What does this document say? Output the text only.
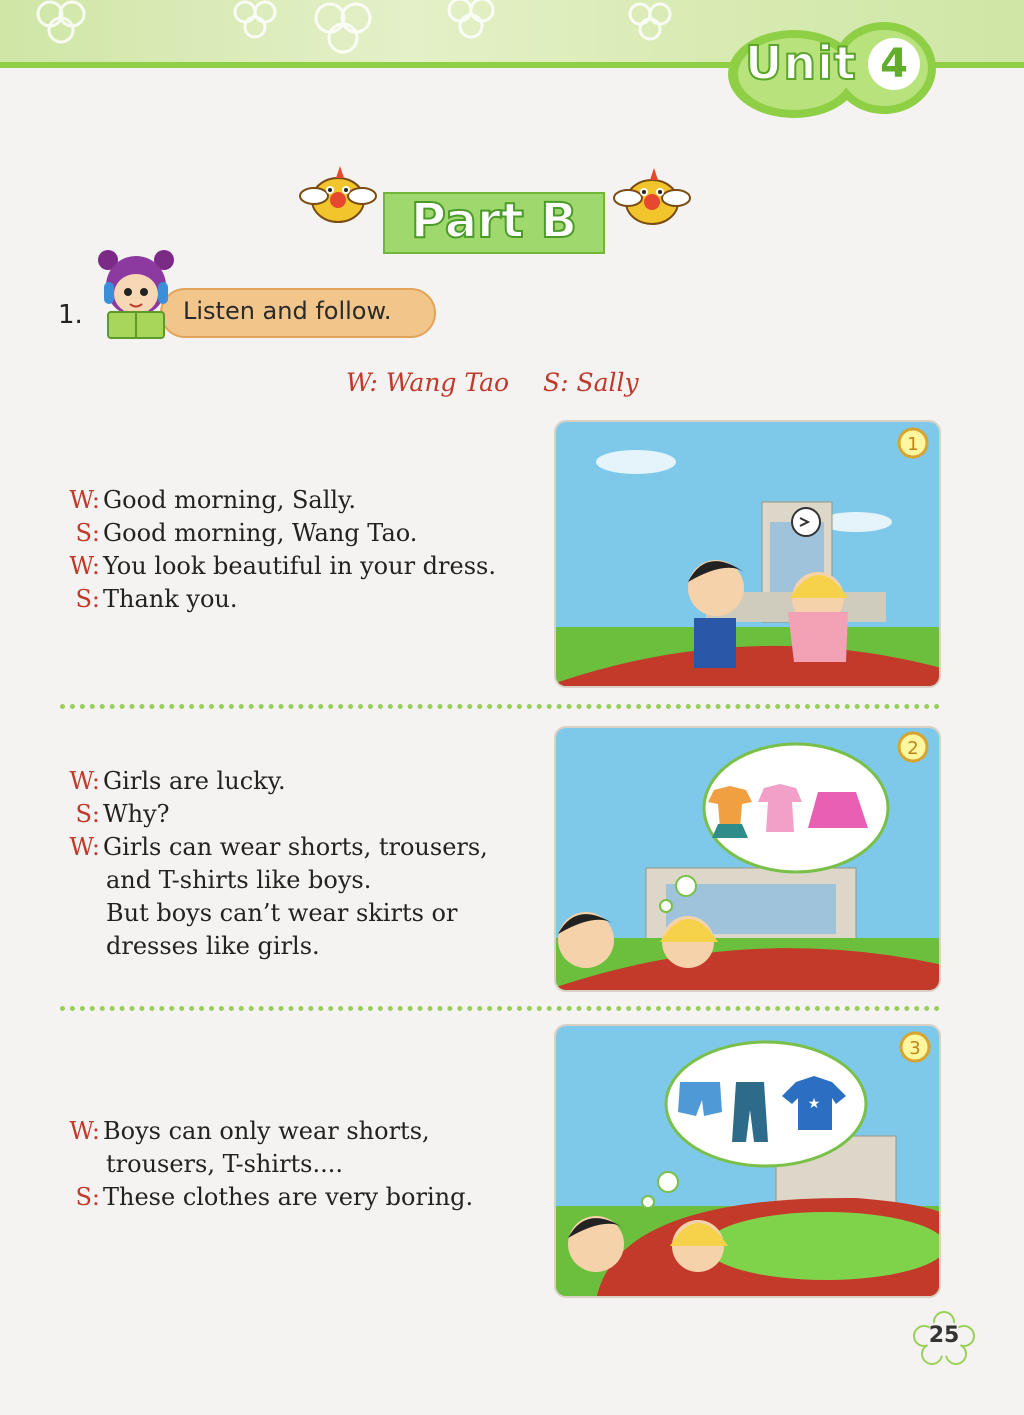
Unit 4
Part B
1.	Listen and follow.
W: Wang Tao S: Sally
W: Good morning, Sally.
S: Good morning, Wang Tao.
W: You look beautiful in your dress.
S: Thank you.
1
W: Girls are lucky.
S: Why?
W: Girls can wear shorts, trousers,
and T-shirts like boys.
But boys can’t wear skirts or
dresses like girls.
2
W: Boys can only wear shorts,
trousers, T-shirts....
S: These clothes are very boring.
★
3
25
